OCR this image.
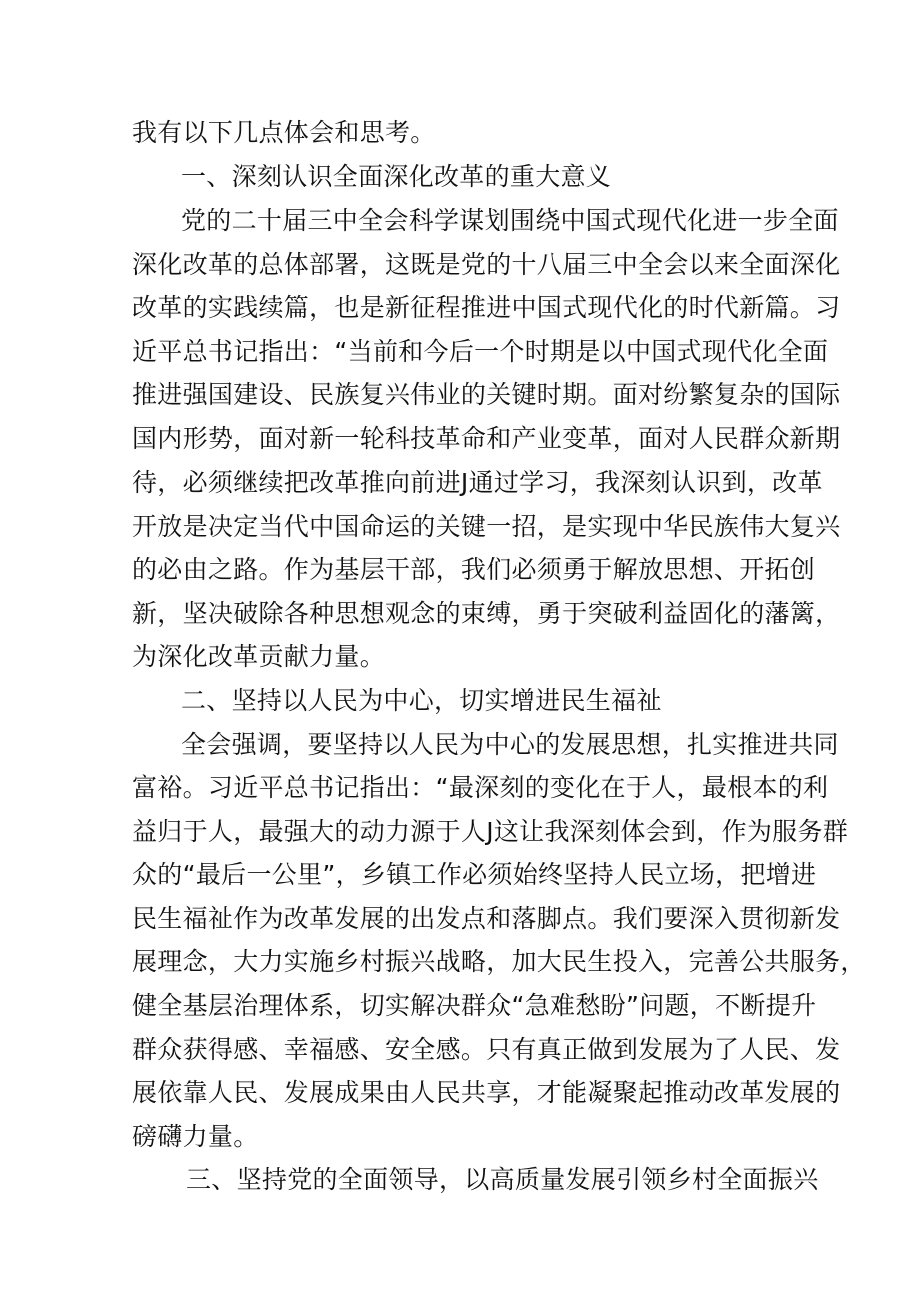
我有以下几点体会和思考。
一、深刻认识全面深化改革的重大意义
党的二十届三中全会科学谋划围绕中国式现代化进一步全面
深化改革的总体部署，这既是党的十八届三中全会以来全面深化
改革的实践续篇，也是新征程推进中国式现代化的时代新篇。习
近平总书记指出：“当前和今后一个时期是以中国式现代化全面
推进强国建设、民族复兴伟业的关键时期。面对纷繁复杂的国际
国内形势，面对新一轮科技革命和产业变革，面对人民群众新期
待，必须继续把改革推向前进J通过学习，我深刻认识到，改革
开放是决定当代中国命运的关键一招，是实现中华民族伟大复兴
的必由之路。作为基层干部，我们必须勇于解放思想、开拓创
新，坚决破除各种思想观念的束缚，勇于突破利益固化的藩篱，
为深化改革贡献力量。
二、坚持以人民为中心，切实增进民生福祉
全会强调，要坚持以人民为中心的发展思想，扎实推进共同
富裕。习近平总书记指出：“最深刻的变化在于人，最根本的利
益归于人，最强大的动力源于人J这让我深刻体会到，作为服务群
众的“最后一公里”，乡镇工作必须始终坚持人民立场，把增进
民生福祉作为改革发展的出发点和落脚点。我们要深入贯彻新发
展理念，大力实施乡村振兴战略，加大民生投入，完善公共服务，
健全基层治理体系，切实解决群众“急难愁盼”问题，不断提升
群众获得感、幸福感、安全感。只有真正做到发展为了人民、发
展依靠人民、发展成果由人民共享，才能凝聚起推动改革发展的
磅礴力量。
三、坚持党的全面领导，以高质量发展引领乡村全面振兴
